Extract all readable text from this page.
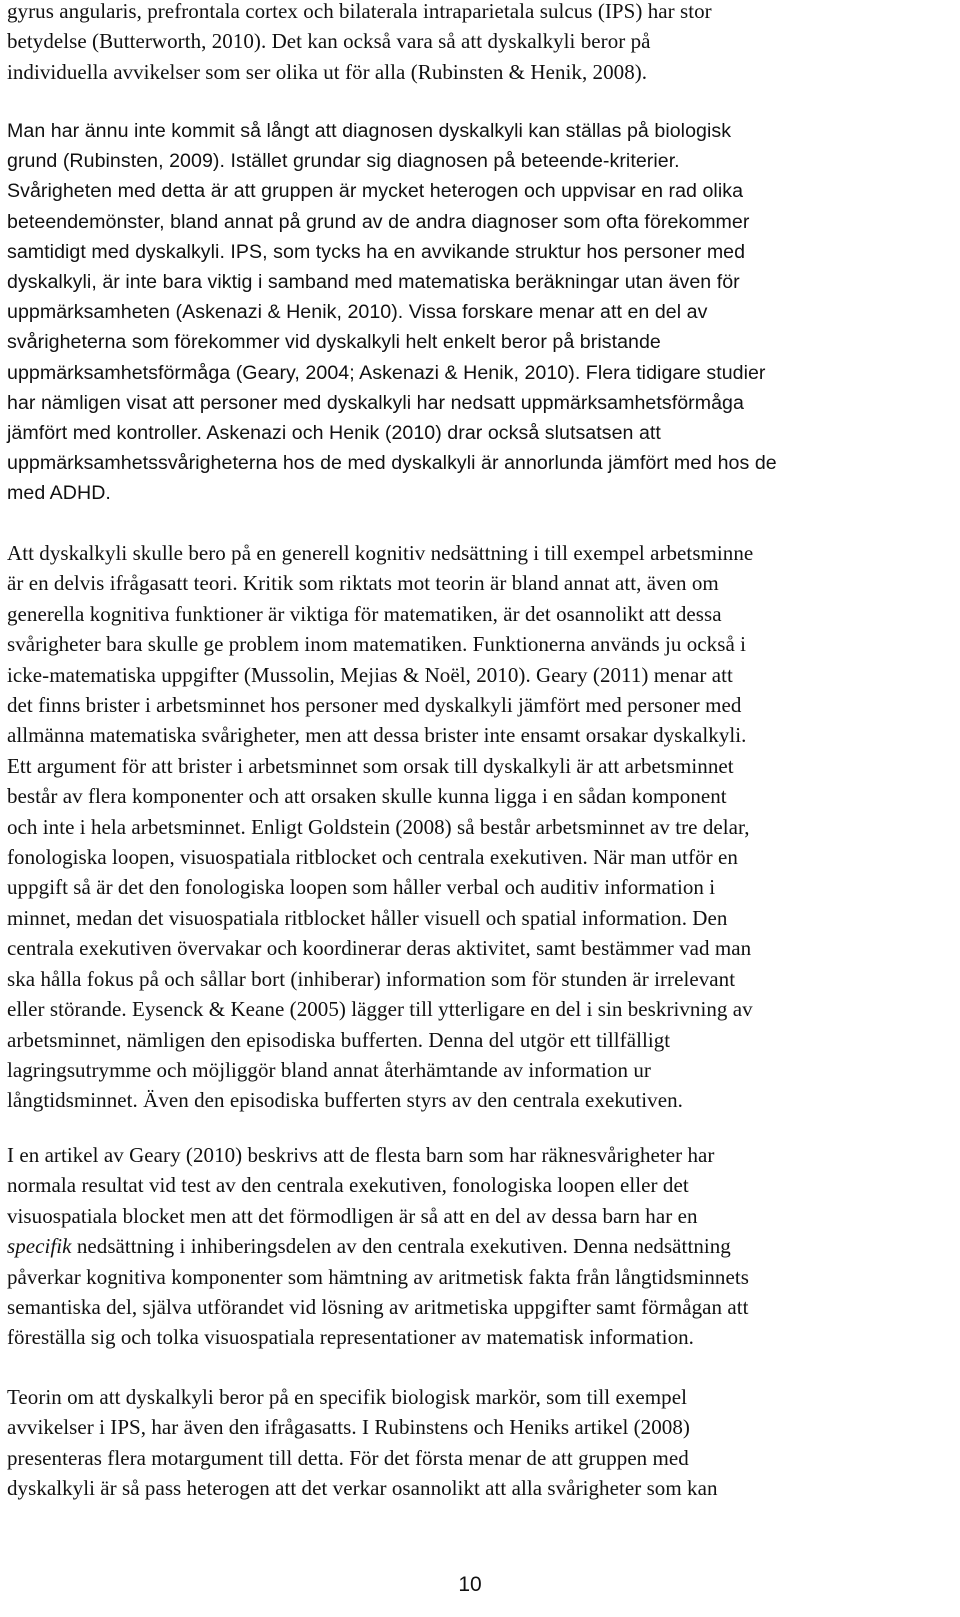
gyrus angularis, prefrontala cortex och bilaterala intraparietala sulcus (IPS) har stor
betydelse (Butterworth, 2010). Det kan också vara så att dyskalkyli beror på
individuella avvikelser som ser olika ut för alla (Rubinsten & Henik, 2008).
Man har ännu inte kommit så långt att diagnosen dyskalkyli kan ställas på biologisk
grund (Rubinsten, 2009). Istället grundar sig diagnosen på beteende-kriterier.
Svårigheten med detta är att gruppen är mycket heterogen och uppvisar en rad olika
beteendemönster, bland annat på grund av de andra diagnoser som ofta förekommer
samtidigt med dyskalkyli. IPS, som tycks ha en avvikande struktur hos personer med
dyskalkyli, är inte bara viktig i samband med matematiska beräkningar utan även för
uppmärksamheten (Askenazi & Henik, 2010). Vissa forskare menar att en del av
svårigheterna som förekommer vid dyskalkyli helt enkelt beror på bristande
uppmärksamhetsförmåga (Geary, 2004; Askenazi & Henik, 2010). Flera tidigare studier
har nämligen visat att personer med dyskalkyli har nedsatt uppmärksamhetsförmåga
jämfört med kontroller. Askenazi och Henik (2010) drar också slutsatsen att
uppmärksamhetssvårigheterna hos de med dyskalkyli är annorlunda jämfört med hos de
med ADHD.
Att dyskalkyli skulle bero på en generell kognitiv nedsättning i till exempel arbetsminne
är en delvis ifrågasatt teori. Kritik som riktats mot teorin är bland annat att, även om
generella kognitiva funktioner är viktiga för matematiken, är det osannolikt att dessa
svårigheter bara skulle ge problem inom matematiken. Funktionerna används ju också i
icke-matematiska uppgifter (Mussolin, Mejias & Noël, 2010). Geary (2011) menar att
det finns brister i arbetsminnet hos personer med dyskalkyli jämfört med personer med
allmänna matematiska svårigheter, men att dessa brister inte ensamt orsakar dyskalkyli.
Ett argument för att brister i arbetsminnet som orsak till dyskalkyli är att arbetsminnet
består av flera komponenter och att orsaken skulle kunna ligga i en sådan komponent
och inte i hela arbetsminnet. Enligt Goldstein (2008) så består arbetsminnet av tre delar,
fonologiska loopen, visuospatiala ritblocket och centrala exekutiven. När man utför en
uppgift så är det den fonologiska loopen som håller verbal och auditiv information i
minnet, medan det visuospatiala ritblocket håller visuell och spatial information. Den
centrala exekutiven övervakar och koordinerar deras aktivitet, samt bestämmer vad man
ska hålla fokus på och sållar bort (inhiberar) information som för stunden är irrelevant
eller störande. Eysenck & Keane (2005) lägger till ytterligare en del i sin beskrivning av
arbetsminnet, nämligen den episodiska bufferten. Denna del utgör ett tillfälligt
lagringsutrymme och möjliggör bland annat återhämtande av information ur
långtidsminnet. Även den episodiska bufferten styrs av den centrala exekutiven.
I en artikel av Geary (2010) beskrivs att de flesta barn som har räknesvårigheter har
normala resultat vid test av den centrala exekutiven, fonologiska loopen eller det
visuospatiala blocket men att det förmodligen är så att en del av dessa barn har en
specifik nedsättning i inhiberingsdelen av den centrala exekutiven. Denna nedsättning
påverkar kognitiva komponenter som hämtning av aritmetisk fakta från långtidsminnets
semantiska del, själva utförandet vid lösning av aritmetiska uppgifter samt förmågan att
föreställa sig och tolka visuospatiala representationer av matematisk information.
Teorin om att dyskalkyli beror på en specifik biologisk markör, som till exempel
avvikelser i IPS, har även den ifrågasatts. I Rubinstens och Heniks artikel (2008)
presenteras flera motargument till detta. För det första menar de att gruppen med
dyskalkyli är så pass heterogen att det verkar osannolikt att alla svårigheter som kan
10
